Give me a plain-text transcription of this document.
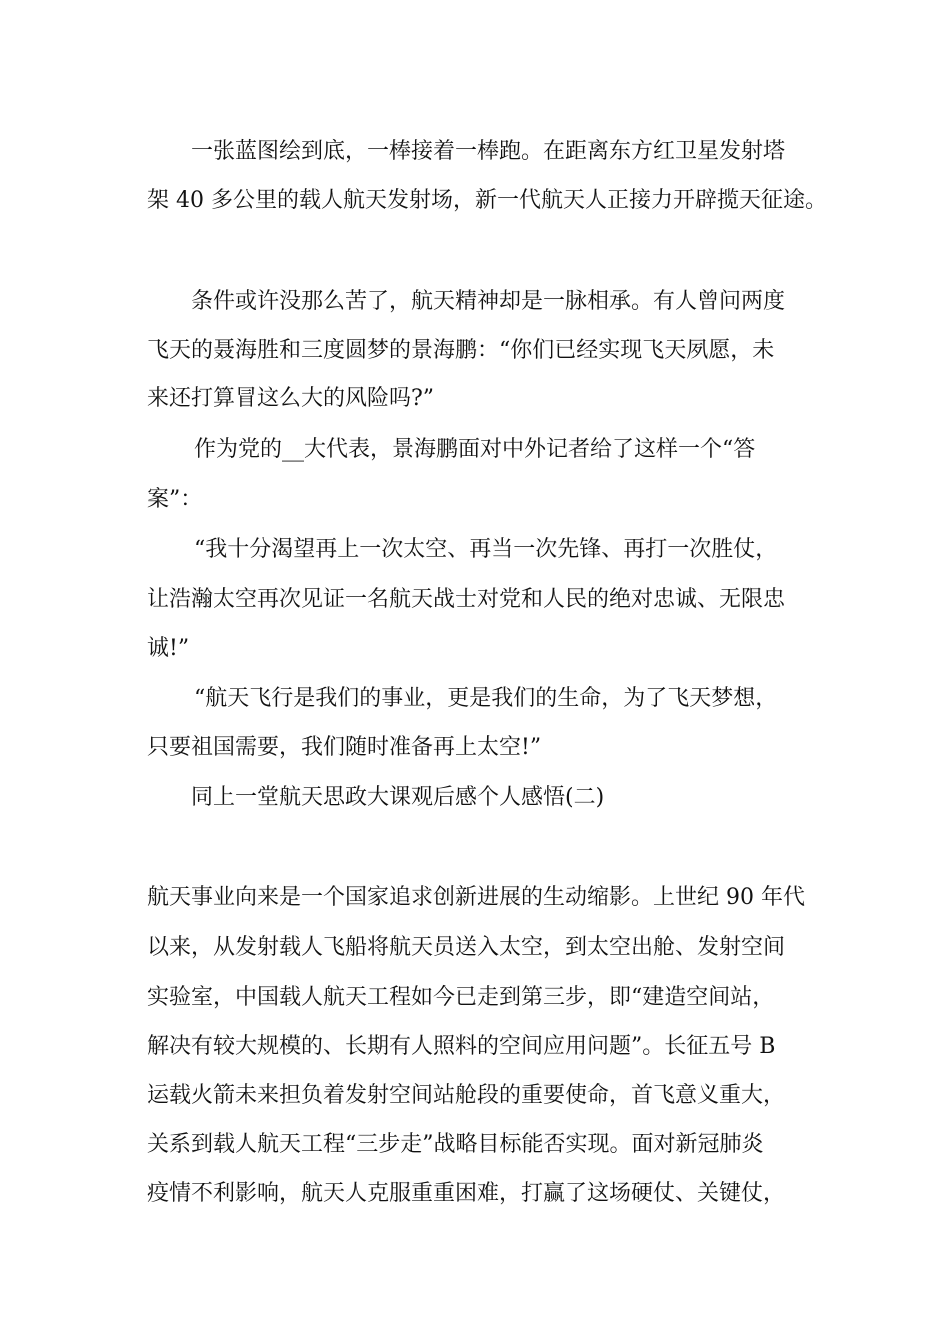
一张蓝图绘到底，一棒接着一棒跑。在距离东方红卫星发射塔

架 40 多公里的载人航天发射场，新一代航天人正接力开辟揽天征途。

条件或许没那么苦了，航天精神却是一脉相承。有人曾问两度

飞天的聂海胜和三度圆梦的景海鹏：“你们已经实现飞天夙愿，未

来还打算冒这么大的风险吗?”

作为党的__大代表，景海鹏面对中外记者给了这样一个“答

案”：

“我十分渴望再上一次太空、再当一次先锋、再打一次胜仗，

让浩瀚太空再次见证一名航天战士对党和人民的绝对忠诚、无限忠

诚!”

“航天飞行是我们的事业，更是我们的生命，为了飞天梦想，

只要祖国需要，我们随时准备再上太空!”

同上一堂航天思政大课观后感个人感悟(二)

航天事业向来是一个国家追求创新进展的生动缩影。上世纪 90 年代

以来，从发射载人飞船将航天员送入太空，到太空出舱、发射空间

实验室，中国载人航天工程如今已走到第三步，即“建造空间站，

解决有较大规模的、长期有人照料的空间应用问题”。长征五号 B

运载火箭未来担负着发射空间站舱段的重要使命，首飞意义重大，

关系到载人航天工程“三步走”战略目标能否实现。面对新冠肺炎

疫情不利影响，航天人克服重重困难，打赢了这场硬仗、关键仗，
